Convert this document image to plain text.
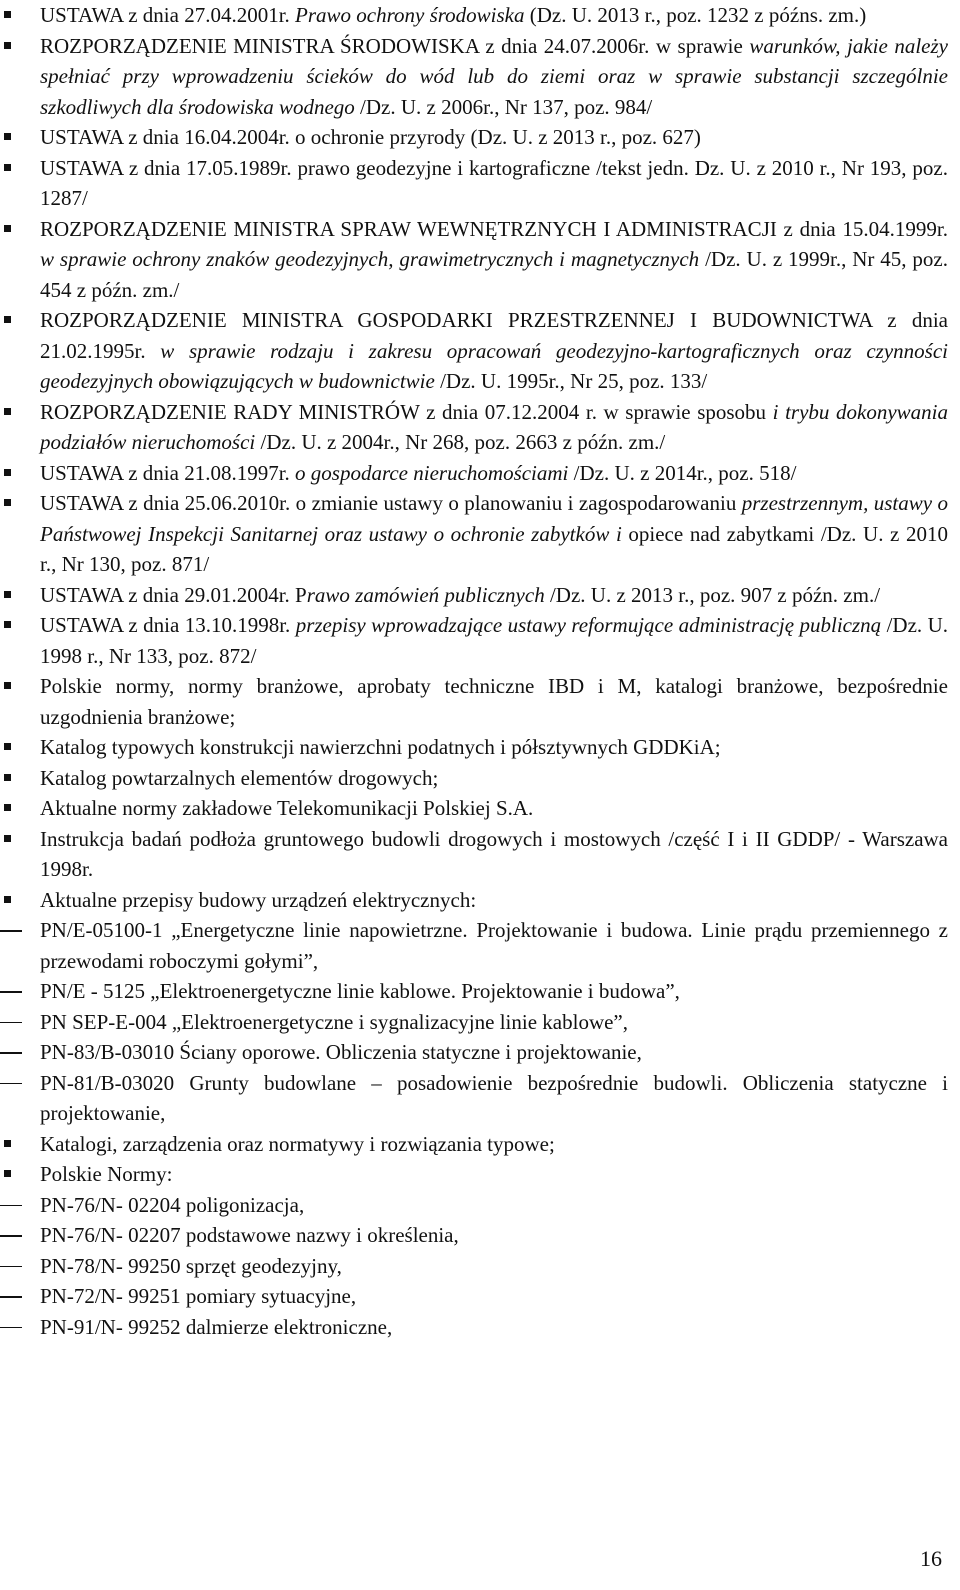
USTAWA z dnia 27.04.2001r. Prawo ochrony środowiska (Dz. U. 2013 r., poz. 1232 z późns. zm.)
ROZPORZĄDZENIE MINISTRA ŚRODOWISKA z dnia 24.07.2006r. w sprawie warunków, jakie należy spełniać przy wprowadzeniu ścieków do wód lub do ziemi oraz w sprawie substancji szczególnie szkodliwych dla środowiska wodnego /Dz. U. z 2006r., Nr 137, poz. 984/
USTAWA z dnia 16.04.2004r. o ochronie przyrody (Dz. U. z 2013 r., poz. 627)
USTAWA z dnia 17.05.1989r. prawo geodezyjne i kartograficzne /tekst jedn. Dz. U. z 2010 r., Nr 193, poz. 1287/
ROZPORZĄDZENIE MINISTRA SPRAW WEWNĘTRZNYCH I ADMINISTRACJI z dnia 15.04.1999r. w sprawie ochrony znaków geodezyjnych, grawimetrycznych i magnetycznych /Dz. U. z 1999r., Nr 45, poz. 454 z późn. zm./
ROZPORZĄDZENIE MINISTRA GOSPODARKI PRZESTRZENNEJ I BUDOWNICTWA z dnia 21.02.1995r. w sprawie rodzaju i zakresu opracowań geodezyjno-kartograficznych oraz czynności geodezyjnych obowiązujących w budownictwie /Dz. U. 1995r., Nr 25, poz. 133/
ROZPORZĄDZENIE RADY MINISTRÓW z dnia 07.12.2004 r. w sprawie sposobu i trybu dokonywania podziałów nieruchomości /Dz. U. z 2004r., Nr 268, poz. 2663 z późn. zm./
USTAWA z dnia 21.08.1997r. o gospodarce nieruchomościami /Dz. U. z 2014r., poz. 518/
USTAWA z dnia 25.06.2010r. o zmianie ustawy o planowaniu i zagospodarowaniu przestrzennym, ustawy o Państwowej Inspekcji Sanitarnej oraz ustawy o ochronie zabytków i opiece nad zabytkami /Dz. U. z 2010 r., Nr 130, poz. 871/
USTAWA z dnia 29.01.2004r. Prawo zamówień publicznych /Dz. U. z 2013 r., poz. 907 z późn. zm./
USTAWA z dnia 13.10.1998r. przepisy wprowadzające ustawy reformujące administrację publiczną /Dz. U. 1998 r., Nr 133, poz. 872/
Polskie normy, normy branżowe, aprobaty techniczne IBD i M, katalogi branżowe, bezpośrednie uzgodnienia branżowe;
Katalog typowych konstrukcji nawierzchni podatnych i półsztywnych GDDKiA;
Katalog powtarzalnych elementów drogowych;
Aktualne normy zakładowe Telekomunikacji Polskiej S.A.
Instrukcja badań podłoża gruntowego budowli drogowych i mostowych /część I i II GDDP/ - Warszawa 1998r.
Aktualne przepisy budowy urządzeń elektrycznych:
PN/E-05100-1 „Energetyczne linie napowietrzne. Projektowanie i budowa. Linie prądu przemiennego z przewodami roboczymi gołymi”,
PN/E - 5125 „Elektroenergetyczne linie kablowe. Projektowanie i budowa”,
PN SEP-E-004 „Elektroenergetyczne i sygnalizacyjne linie kablowe”,
PN-83/B-03010 Ściany oporowe. Obliczenia statyczne i projektowanie,
PN-81/B-03020 Grunty budowlane – posadowienie bezpośrednie budowli. Obliczenia statyczne i projektowanie,
Katalogi, zarządzenia oraz normatywy i rozwiązania typowe;
Polskie Normy:
PN-76/N- 02204 poligonizacja,
PN-76/N- 02207 podstawowe nazwy i określenia,
PN-78/N- 99250 sprzęt geodezyjny,
PN-72/N- 99251 pomiary sytuacyjne,
PN-91/N- 99252 dalmierze elektroniczne,
16
